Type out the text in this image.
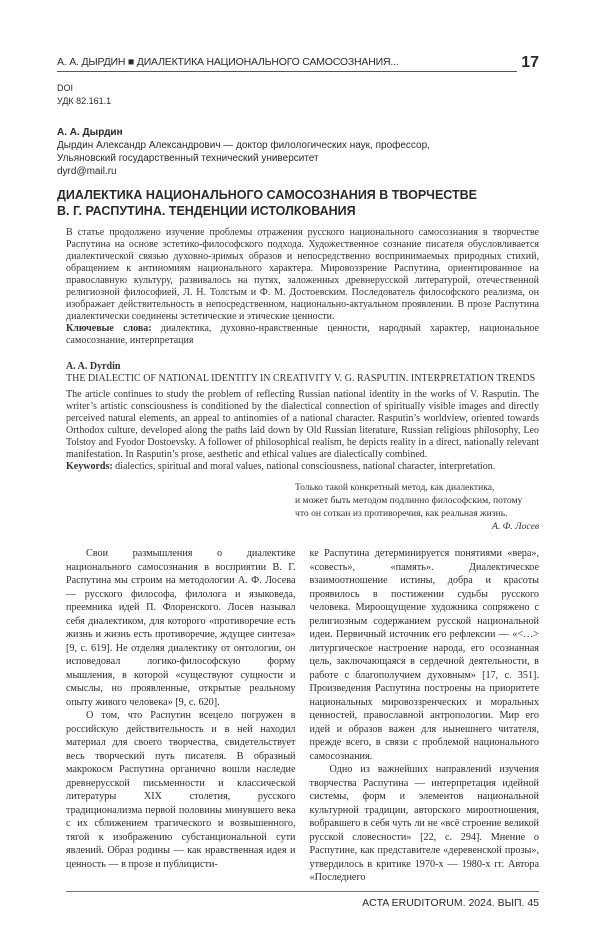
А. А. ДЫРДИН ■ ДИАЛЕКТИКА НАЦИОНАЛЬНОГО САМОСОЗНАНИЯ...	17
DOI
УДК 82.161.1
А. А. Дырдин
Дырдин Александр Александрович — доктор филологических наук, профессор,
Ульяновский государственный технический университет
dyrd@mail.ru
ДИАЛЕКТИКА НАЦИОНАЛЬНОГО САМОСОЗНАНИЯ В ТВОРЧЕСТВЕ
В. Г. РАСПУТИНА. ТЕНДЕНЦИИ ИСТОЛКОВАНИЯ
В статье продолжено изучение проблемы отражения русского национального самосознания в творчестве Распутина на основе эстетико-философского подхода. Художественное сознание писателя обусловливается диалектической связью духовно-зримых образов и непосредственно воспринимаемых природных стихий, обращением к антиномиям национального характера. Мировоззрение Распутина, ориентированное на православную культуру, развивалось на путях, заложенных древнерусской литературой, отечественной религиозной философией, Л. Н. Толстым и Ф. М. Достоевским. Последователь философского реализма, он изображает действительность в непосредственном, национально-актуальном проявлении. В прозе Распутина диалектически соединены эстетические и этические ценности.
Ключевые слова: диалектика, духовно-нравственные ценности, народный характер, национальное самосознание, интерпретация
A. A. Dyrdin
THE DIALECTIC OF NATIONAL IDENTITY IN CREATIVITY V. G. RASPUTIN. INTERPRETATION TRENDS
The article continues to study the problem of reflecting Russian national identity in the works of V. Rasputin. The writer’s artistic consciousness is conditioned by the dialectical connection of spiritually visible images and directly perceived natural elements, an appeal to antinomies of a national character. Rasputin’s worldview, oriented towards Orthodox culture, developed along the paths laid down by Old Russian literature, Russian religious philosophy, Leo Tolstoy and Fyodor Dostoevsky. A follower of philosophical realism, he depicts reality in a direct, nationally relevant manifestation. In Rasputin’s prose, aesthetic and ethical values are dialectically combined.
Keywords: dialectics, spiritual and moral values, national consciousness, national character, interpretation.
Только такой конкретный метод, как диалектика,
и может быть методом подлинно философским, потому
что он соткан из противоречия, как реальная жизнь.
А. Ф. Лосев

Свои размышления о диалектике национального самосознания в восприятии В. Г. Распутина мы строим на методологии А. Ф. Лосева — русского философа, филолога и языковеда, преемника идей П. Флоренского. Лосев называл себя диалектиком, для которого «противоречие есть жизнь и жизнь есть противоречие, ждущее синтеза» [9, с. 619]. Не отделяя диалектику от онтологии, он исповедовал логико-философскую форму мышления, в которой «существуют сущности и смыслы, но проявленные, открытые реальному опыту живого человека» [9, с. 620].

О том, что Распутин всецело погружен в российскую действительность и в ней находил материал для своего творчества, свидетельствует весь творческий путь писателя. В образный макрокосм Распутина органично вошли наследие древнерусской письменности и классической литературы XIX столетия, русского традиционализма первой половины минувшего века с их сближением трагического и возвышенного, тягой к изображению субстанциональной сути явлений. Образ родины — как нравственная идея и ценность — в прозе и публицисти-

ке Распутина детерминируется понятиями «вера», «совесть», «память». Диалектическое взаимоотношение истины, добра и красоты проявилось в постижении судьбы русского человека. Мироощущение художника сопряжено с религиозным содержанием русской национальной идеи. Первичный источник его рефлексии — «<…> литургическое настроение народа, его осознанная цель, заключающаяся в сердечной деятельности, в работе с благополучием духовным» [17, с. 351]. Произведения Распутина построены на приоритете национальных мировоззренческих и моральных ценностей, православной антропологии. Мир его идей и образов важен для нынешнего читателя, прежде всего, в связи с проблемой национального самосознания.

Одно из важнейших направлений изучения творчества Распутина — интерпретация идейной системы, форм и элементов национальной культурной традиции, авторского мироотношения, вобравшего в себя чуть ли не «всё строение великой русской словесности» [22, с. 294]. Мнение о Распутине, как представителе «деревенской прозы», утвердилось в критике 1970-х — 1980-х гг. Автора «Последнего

ACTA ERUDITORUM. 2024. ВЫП. 45
